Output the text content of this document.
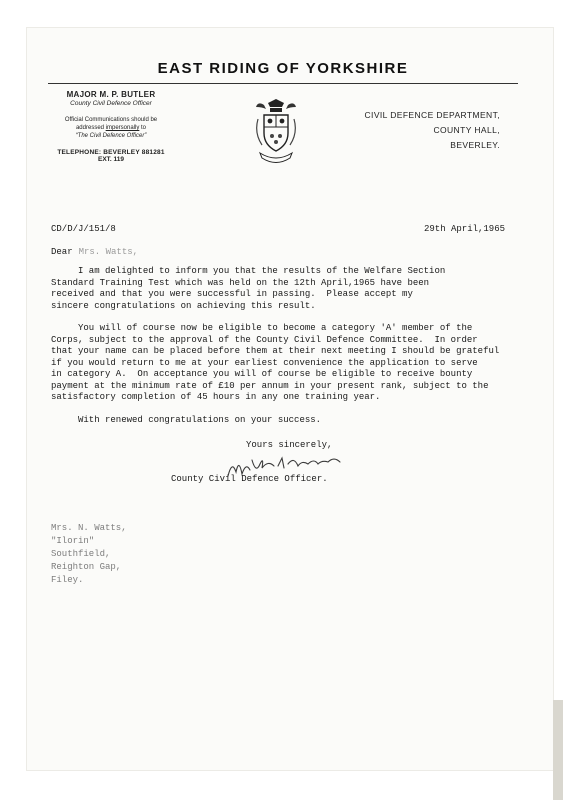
EAST RIDING OF YORKSHIRE
MAJOR M. P. BUTLER
County Civil Defence Officer
Official Communications should be
addressed impersonally to
“The Civil Defence Officer”
TELEPHONE: BEVERLEY 881281
EXT. 119
CIVIL DEFENCE DEPARTMENT,
COUNTY HALL,
BEVERLEY.
CD/D/J/151/8	29th April,1965
Dear Mrs. Watts,
I am delighted to inform you that the results of the Welfare Section
Standard Training Test which was held on the 12th April,1965 have been
received and that you were successful in passing.  Please accept my
sincere congratulations on achieving this result.
You will of course now be eligible to become a category 'A' member of the
Corps, subject to the approval of the County Civil Defence Committee.  In order
that your name can be placed before them at their next meeting I should be grateful
if you would return to me at your earliest convenience the application to serve
in category A.  On acceptance you will of course be eligible to receive bounty
payment at the minimum rate of £10 per annum in your present rank, subject to the
satisfactory completion of 45 hours in any one training year.
With renewed congratulations on your success.
Yours sincerely,
County Civil Defence Officer.
Mrs. N. Watts,
"Ilorin"
Southfield,
Reighton Gap,
Filey.
